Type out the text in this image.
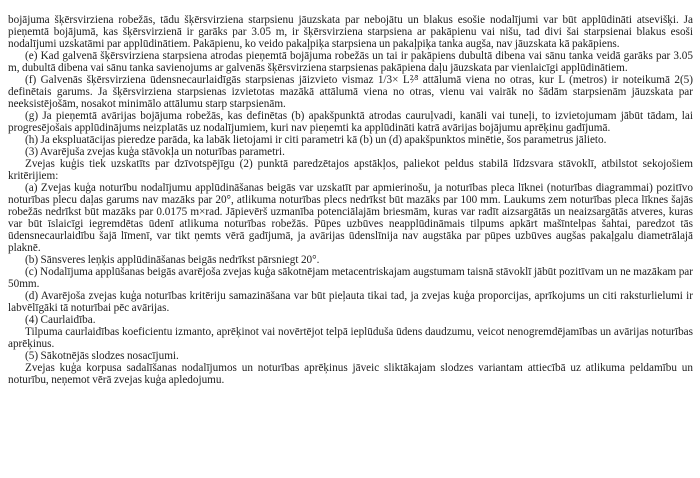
bojājuma šķērsvirziena robežās, tādu šķērsvirziena starpsienu jāuzskata par nebojātu un blakus esošie nodalījumi var būt applūdināti atsevišķi. Ja pieņemtā bojājumā, kas šķērsvirzienā ir garāks par 3.05 m, ir šķērsvirziena starpsiena ar pakāpienu vai nišu, tad divi šai starpsienai blakus esoši nodalījumi uzskatāmi par applūdinātiem. Pakāpienu, ko veido pakaļpiķa starpsiena un pakaļpiķa tanka augša, nav jāuzskata kā pakāpiens.

(e) Kad galvenā šķērsvirziena starpsiena atrodas pieņemtā bojājuma robežās un tai ir pakāpiens dubultā dibena vai sānu tanka veidā garāks par 3.05 m, dubultā dibena vai sānu tanka savienojums ar galvenās šķērsvirziena starpsienas pakāpiena daļu jāuzskata par vienlaicīgi applūdinātiem.

(f) Galvenās šķērsvirziena ūdensnecaurlaidīgās starpsienas jāizvieto vismaz 1/3× L²⁄³ attālumā viena no otras, kur L (metros) ir noteikumā 2(5) definētais garums. Ja šķērsvirziena starpsienas izvietotas mazākā attālumā viena no otras, vienu vai vairāk no šādām starpsienām jāuzskata par neeksistējošām, nosakot minimālo attālumu starp starpsienām.

(g) Ja pieņemtā avārijas bojājuma robežās, kas definētas (b) apakšpunktā atrodas cauruļvadi, kanāli vai tuneļi, to izvietojumam jābūt tādam, lai progresējošais applūdinājums neizplatās uz nodalījumiem, kuri nav pieņemti ka applūdināti katrā avārijas bojājumu aprēķinu gadījumā.

(h) Ja ekspluatācijas pieredze parāda, ka labāk lietojami ir citi parametri kā (b) un (d) apakšpunktos minētie, šos parametrus jālieto.

(3) Avarējuša zvejas kuģa stāvokļa un noturības parametri.

Zvejas kuģis tiek uzskatīts par dzīvotspējīgu (2) punktā paredzētajos apstākļos, paliekot peldus stabilā līdzsvara stāvoklī, atbilstot sekojošiem kritērijiem:

(a) Zvejas kuģa noturību nodalījumu applūdināšanas beigās var uzskatīt par apmierinošu, ja noturības pleca līknei (noturības diagrammai) pozitīvo noturības plecu daļas garums nav mazāks par 20°, atlikuma noturības plecs nedrīkst būt mazāks par 100 mm. Laukums zem noturības pleca līknes šajās robežās nedrīkst būt mazāks par 0.0175 m×rad. Jāpievērš uzmanība potenciālajām briesmām, kuras var radīt aizsargātās un neaizsargātās atveres, kuras var būt īslaicīgi iegremdētas ūdenī atlikuma noturības robežās. Pūpes uzbūves neapplūdināmais tilpums apkārt mašīntelpas šahtai, paredzot tās ūdensnecaurlaidību šajā līmenī, var tikt ņemts vērā gadījumā, ja avārijas ūdenslīnija nav augstāka par pūpes uzbūves augšas pakaļgalu diametrālajā plaknē.

(b) Sānsveres leņķis applūdināšanas beigās nedrīkst pārsniegt 20°.

(c) Nodalījuma applūšanas beigās avarējoša zvejas kuģa sākotnējam metacentriskajam augstumam taisnā stāvoklī jābūt pozitīvam un ne mazākam par 50mm.

(d) Avarējoša zvejas kuģa noturības kritēriju samazināšana var būt pieļauta tikai tad, ja zvejas kuģa proporcijas, aprīkojums un citi raksturlielumi ir labvēlīgāki tā noturībai pēc avārijas.

(4) Caurlaidība.

Tilpuma caurlaidības koeficientu izmanto, aprēķinot vai novērtējot telpā ieplūduša ūdens daudzumu, veicot nenogremdējamības un avārijas noturības aprēķinus.

(5) Sākotnējās slodzes nosacījumi.

Zvejas kuģa korpusa sadalīšanas nodalījumos un noturības aprēķinus jāveic sliktākajam slodzes variantam attiecībā uz atlikuma peldamību un noturību, neņemot vērā zvejas kuģa apledojumu.
